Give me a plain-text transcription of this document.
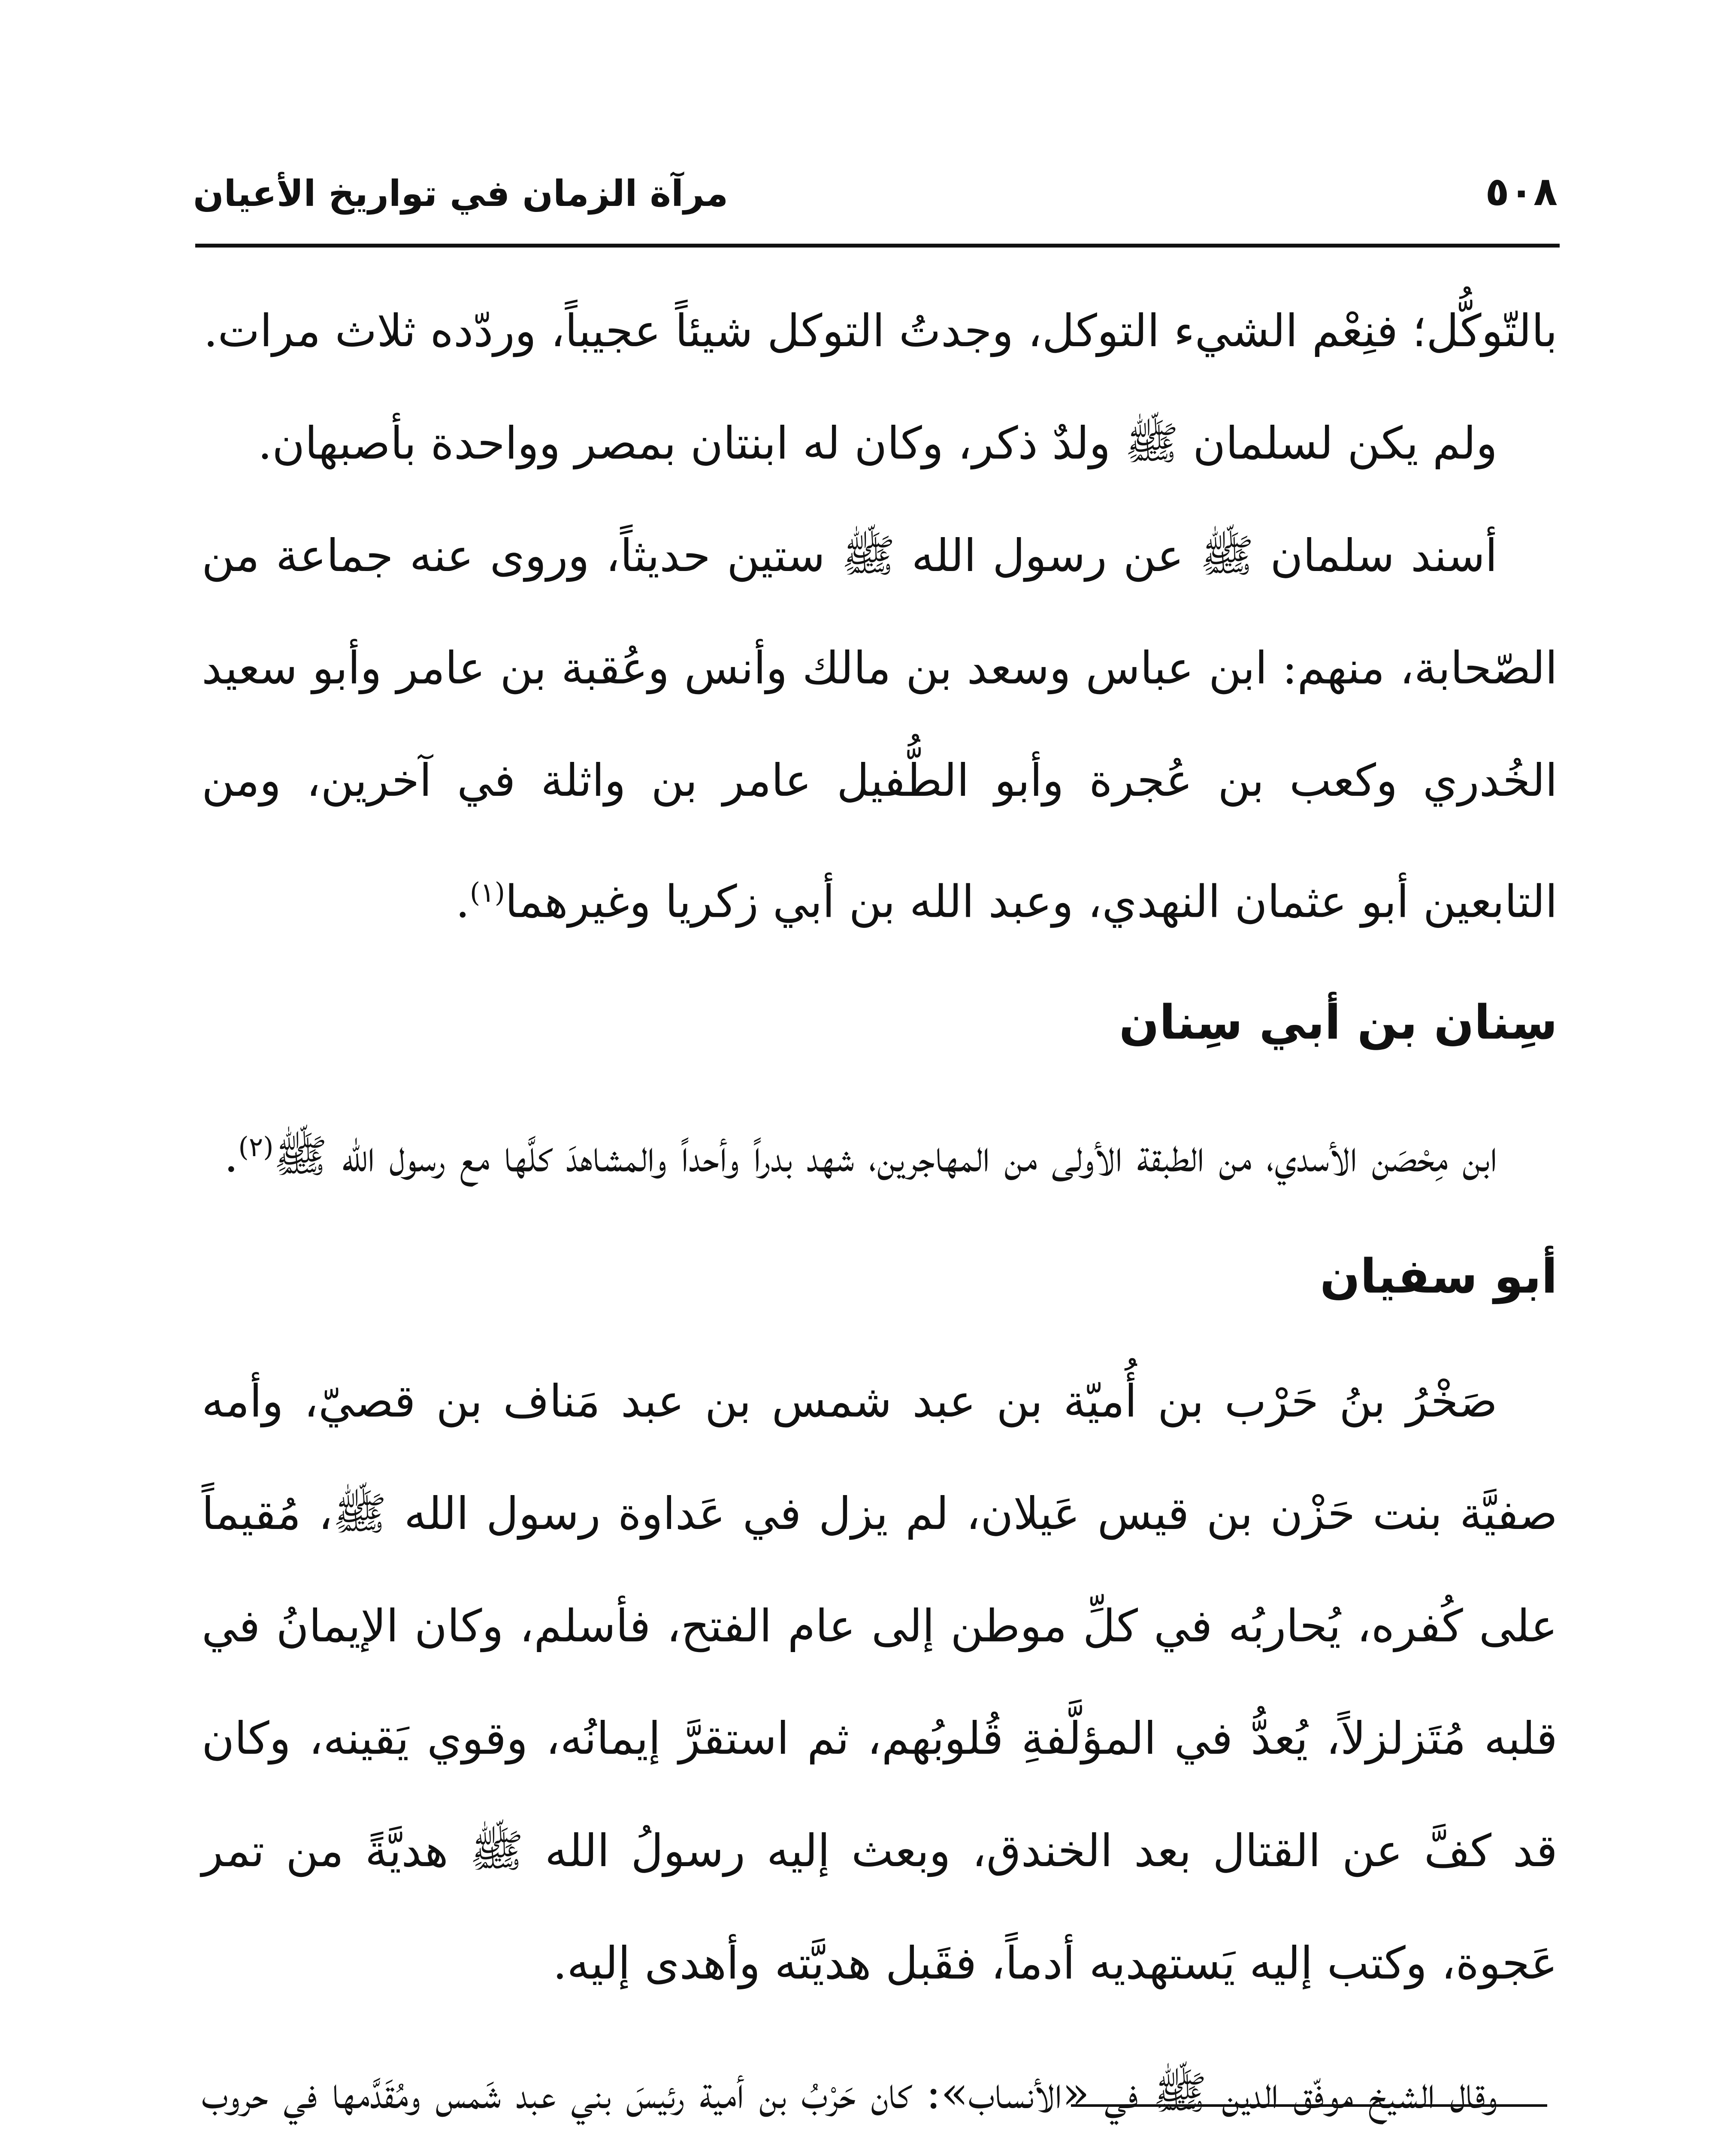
٥٠٨
مرآة الزمان في تواريخ الأعيان

بالتّوكُّل؛ فنِعْم الشيء التوكل، وجدتُ التوكل شيئاً عجيباً، وردّده ثلاث مرات.

ولم يكن لسلمان ﷺ ولدٌ ذكر، وكان له ابنتان بمصر وواحدة بأصبهان.

أسند سلمان ﷺ عن رسول الله ﷺ ستين حديثاً، وروى عنه جماعة من الصّحابة، منهم: ابن عباس وسعد بن مالك وأنس وعُقبة بن عامر وأبو سعيد الخُدري وكعب بن عُجرة وأبو الطُّفيل عامر بن واثلة في آخرين، ومن التابعين أبو عثمان النهدي، وعبد الله بن أبي زكريا وغيرهما$^{(١)}$.

سِنان بن أبي سِنان

ابن مِحْصَن الأسدي، من الطبقة الأولى من المهاجرين، شهد بدراً وأحداً والمشاهدَ كلَّها مع رسول الله ﷺ$^{(٢)}$.

أبو سفيان

صَخْرُ بنُ حَرْب بن أُميّة بن عبد شمس بن عبد مَناف بن قصيّ، وأمه صفيَّة بنت حَزْن بن قيس عَيلان، لم يزل في عَداوة رسول الله ﷺ، مُقيماً على كُفره، يُحاربُه في كلِّ موطن إلى عام الفتح، فأسلم، وكان الإيمانُ في قلبه مُتَزلزلاً، يُعدُّ في المؤلَّفةِ قُلوبُهم، ثم استقرَّ إيمانُه، وقوي يَقينه، وكان قد كفَّ عن القتال بعد الخندق، وبعث إليه رسولُ الله ﷺ هديَّةً من تمر عَجوة، وكتب إليه يَستهديه أدماً، فقَبل هديَّته وأهدى إليه.

وقال الشيخ موفّق الدين ﷺ في «الأنساب»: كان حَرْبُ بن أمية رئيسَ بني عبد شَمس ومُقَدَّمها في حروب
